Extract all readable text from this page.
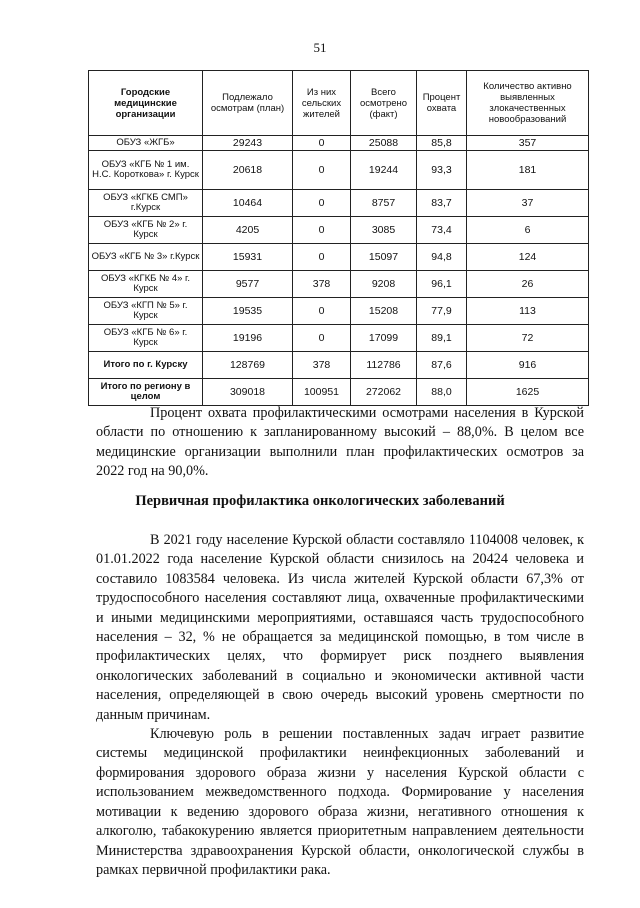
51
Городские медицинские организации	Подлежало осмотрам (план)	Из них сельских жителей	Всего осмотрено (факт)	Процент охвата	Количество активно выявленных злокачественных новообразований
ОБУЗ «ЖГБ»	29243	0	25088	85,8	357
ОБУЗ «КГБ № 1 им. Н.С. Короткова» г. Курск	20618	0	19244	93,3	181
ОБУЗ «КГКБ СМП» г.Курск	10464	0	8757	83,7	37
ОБУЗ «КГБ № 2» г. Курск	4205	0	3085	73,4	6
ОБУЗ «КГБ № 3» г.Курск	15931	0	15097	94,8	124
ОБУЗ «КГКБ № 4» г. Курск	9577	378	9208	96,1	26
ОБУЗ «КГП № 5» г. Курск	19535	0	15208	77,9	113
ОБУЗ «КГБ № 6» г. Курск	19196	0	17099	89,1	72
Итого по г. Курску	128769	378	112786	87,6	916
Итого по региону в целом	309018	100951	272062	88,0	1625

Процент охвата профилактическими осмотрами населения в Курской области по отношению к запланированному высокий – 88,0%. В целом все медицинские организации выполнили план профилактических осмотров за 2022 год на 90,0%.

Первичная профилактика онкологических заболеваний

В 2021 году население Курской области составляло 1104008 человек, к 01.01.2022 года население Курской области снизилось на 20424 человека и составило 1083584 человека. Из числа жителей Курской области 67,3% от трудоспособного населения составляют лица, охваченные профилактическими и иными медицинскими мероприятиями, оставшаяся часть трудоспособного населения – 32, % не обращается за медицинской помощью, в том числе в профилактических целях, что формирует риск позднего выявления онкологических заболеваний в социально и экономически активной части населения, определяющей в свою очередь высокий уровень смертности по данным причинам.

Ключевую роль в решении поставленных задач играет развитие системы медицинской профилактики неинфекционных заболеваний и формирования здорового образа жизни у населения Курской области с использованием межведомственного подхода. Формирование у населения мотивации к ведению здорового образа жизни, негативного отношения к алкоголю, табакокурению является приоритетным направлением деятельности Министерства здравоохранения Курской области, онкологической службы в рамках первичной профилактики рака.
